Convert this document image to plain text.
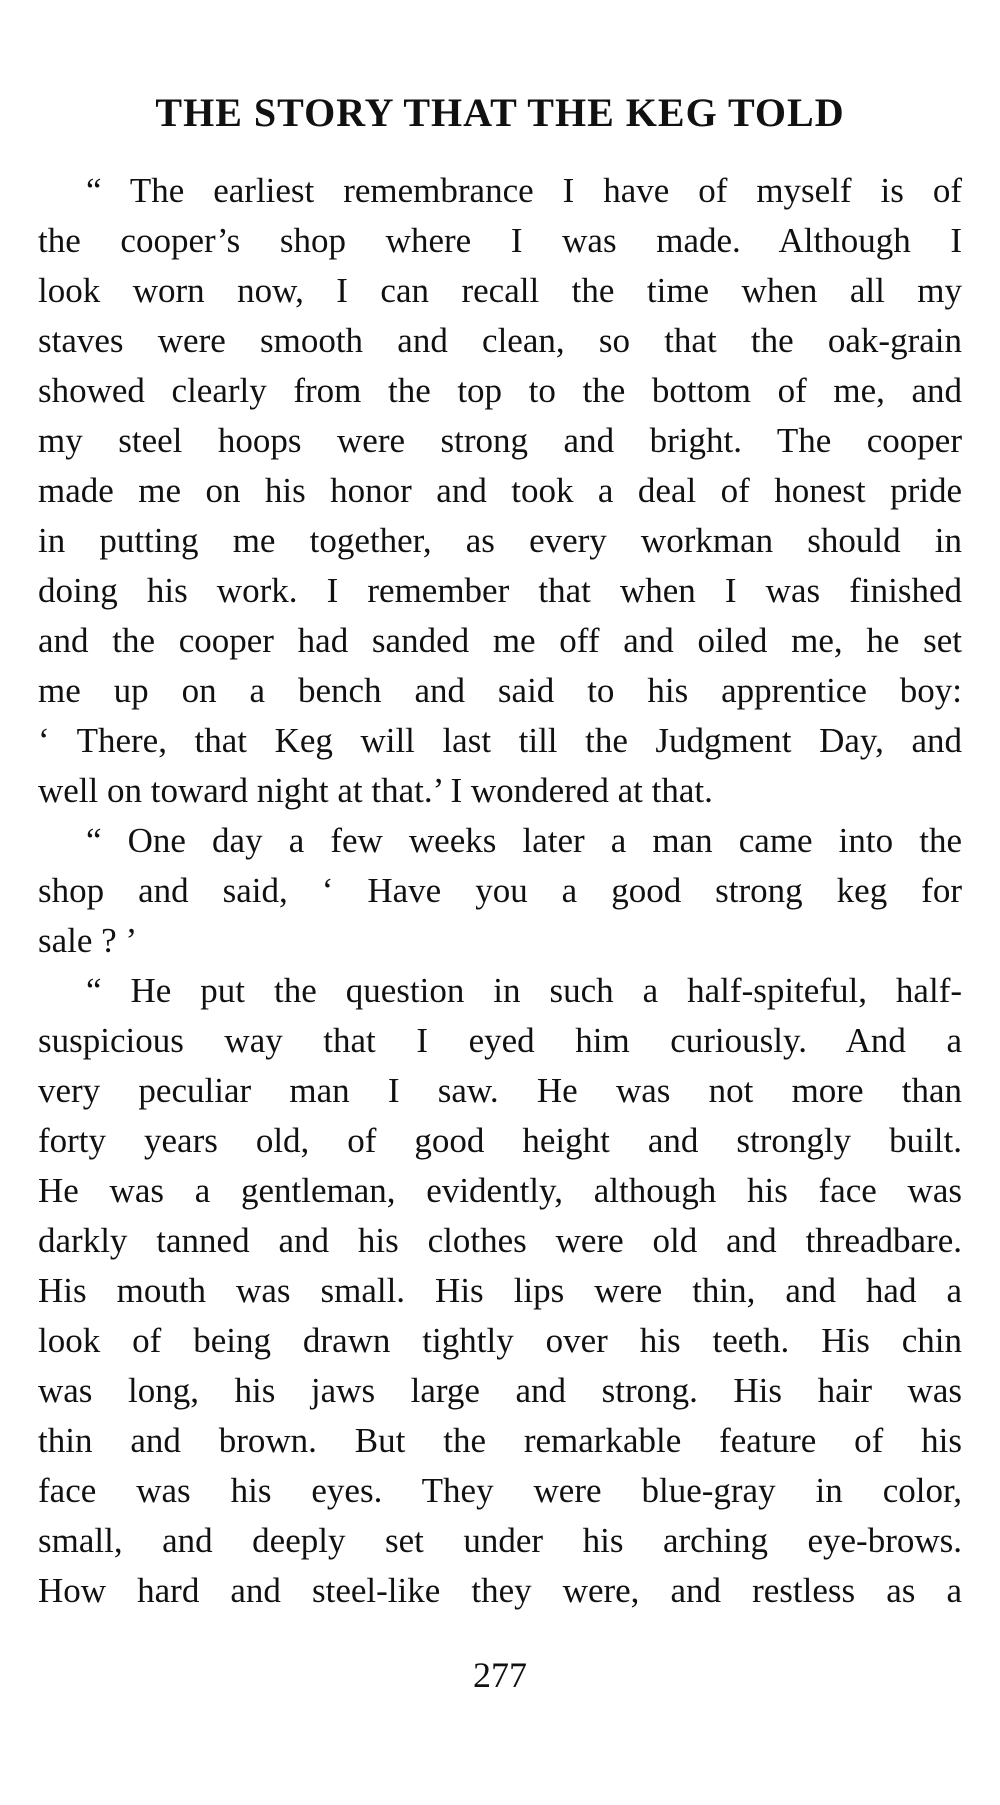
THE STORY THAT THE KEG TOLD
“ The earliest remembrance I have of myself is of
the cooper’s shop where I was made. Although I
look worn now, I can recall the time when all my
staves were smooth and clean, so that the oak-grain
showed clearly from the top to the bottom of me, and
my steel hoops were strong and bright. The cooper
made me on his honor and took a deal of honest pride
in putting me together, as every workman should in
doing his work. I remember that when I was finished
and the cooper had sanded me off and oiled me, he set
me up on a bench and said to his apprentice boy:
‘ There, that Keg will last till the Judgment Day, and
well on toward night at that.’ I wondered at that.
“ One day a few weeks later a man came into the
shop and said, ‘ Have you a good strong keg for
sale ? ’
“ He put the question in such a half-spiteful, half-
suspicious way that I eyed him curiously. And a
very peculiar man I saw. He was not more than
forty years old, of good height and strongly built.
He was a gentleman, evidently, although his face was
darkly tanned and his clothes were old and threadbare.
His mouth was small. His lips were thin, and had a
look of being drawn tightly over his teeth. His chin
was long, his jaws large and strong. His hair was
thin and brown. But the remarkable feature of his
face was his eyes. They were blue-gray in color,
small, and deeply set under his arching eye-brows.
How hard and steel-like they were, and restless as a
277
